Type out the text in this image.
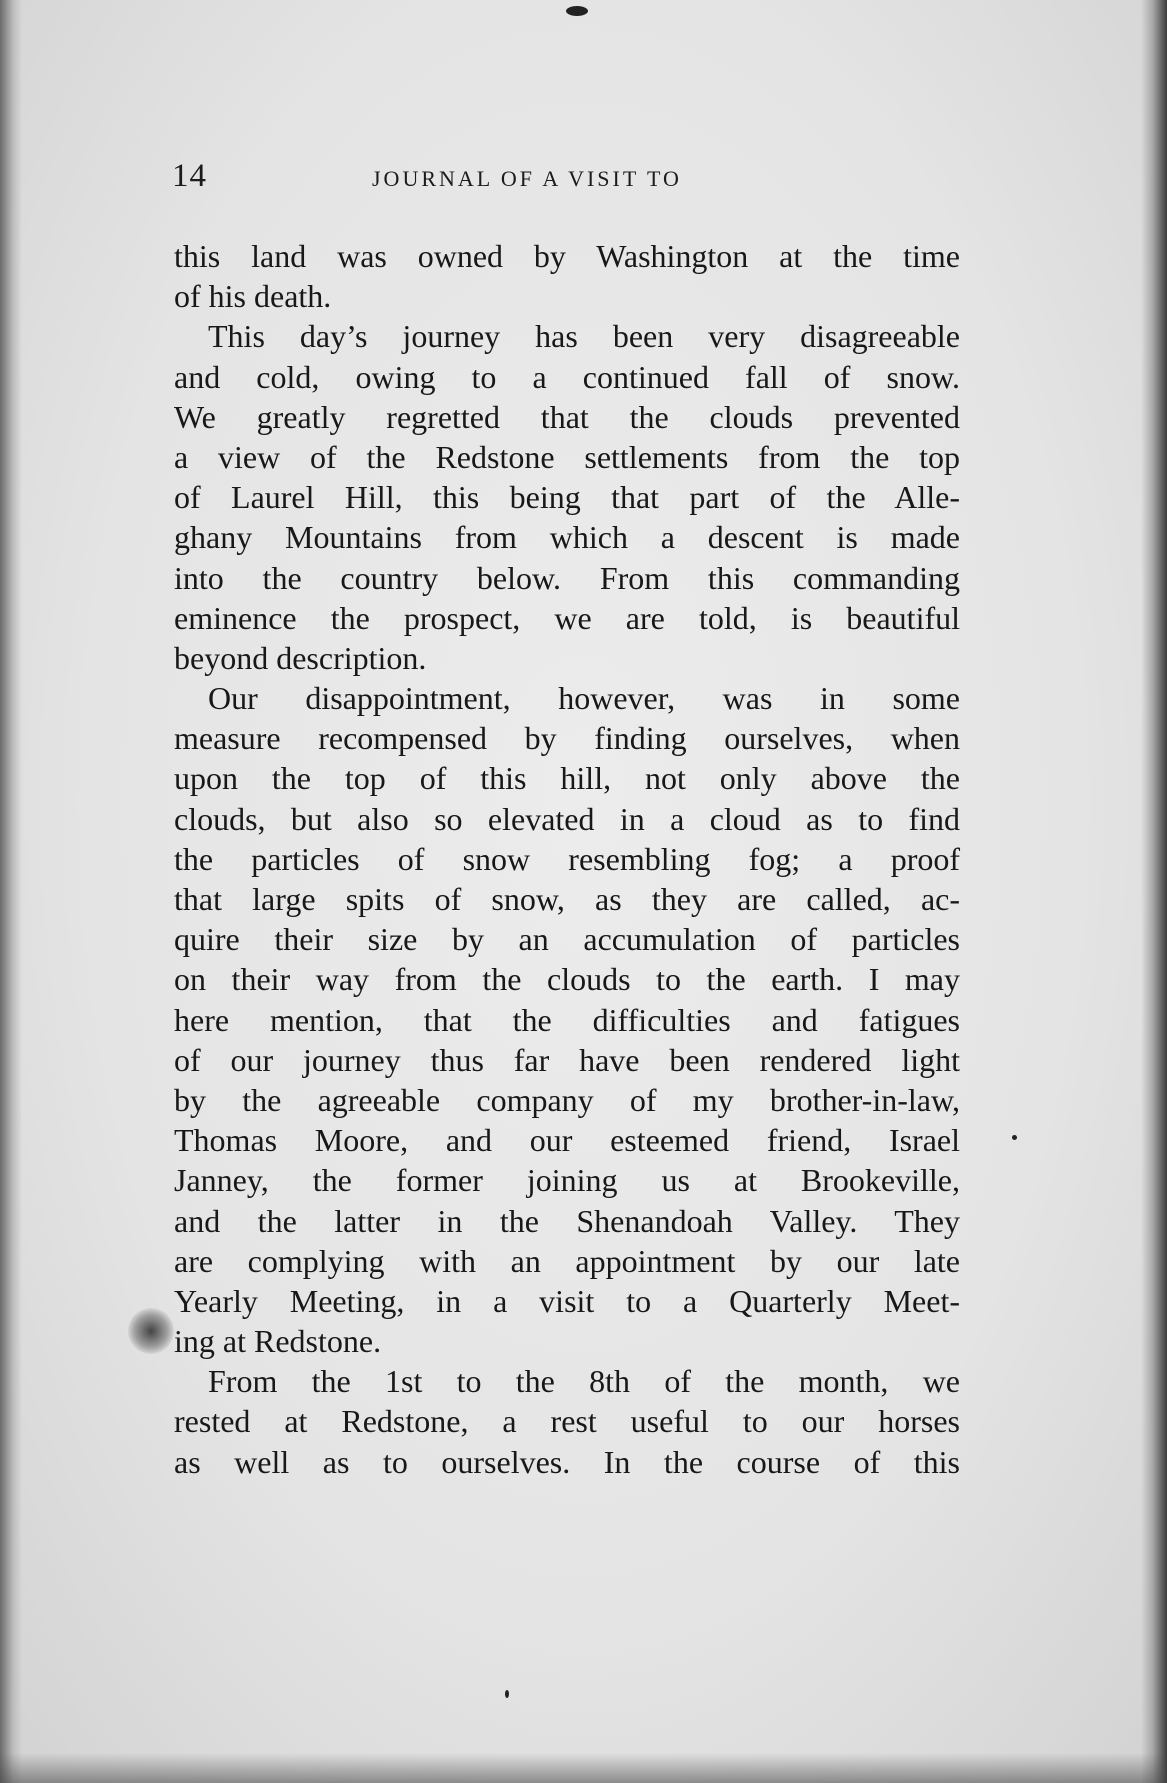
14	JOURNAL OF A VISIT TO
this land was owned by Washington at the time
of his death.
This day’s journey has been very disagreeable
and cold, owing to a continued fall of snow.
We greatly regretted that the clouds prevented
a view of the Redstone settlements from the top
of Laurel Hill, this being that part of the Alle-
ghany Mountains from which a descent is made
into the country below. From this commanding
eminence the prospect, we are told, is beautiful
beyond description.
Our disappointment, however, was in some
measure recompensed by finding ourselves, when
upon the top of this hill, not only above the
clouds, but also so elevated in a cloud as to find
the particles of snow resembling fog; a proof
that large spits of snow, as they are called, ac-
quire their size by an accumulation of particles
on their way from the clouds to the earth. I may
here mention, that the difficulties and fatigues
of our journey thus far have been rendered light
by the agreeable company of my brother-in-law,
Thomas Moore, and our esteemed friend, Israel
Janney, the former joining us at Brookeville,
and the latter in the Shenandoah Valley. They
are complying with an appointment by our late
Yearly Meeting, in a visit to a Quarterly Meet-
ing at Redstone.
From the 1st to the 8th of the month, we
rested at Redstone, a rest useful to our horses
as well as to ourselves. In the course of this
